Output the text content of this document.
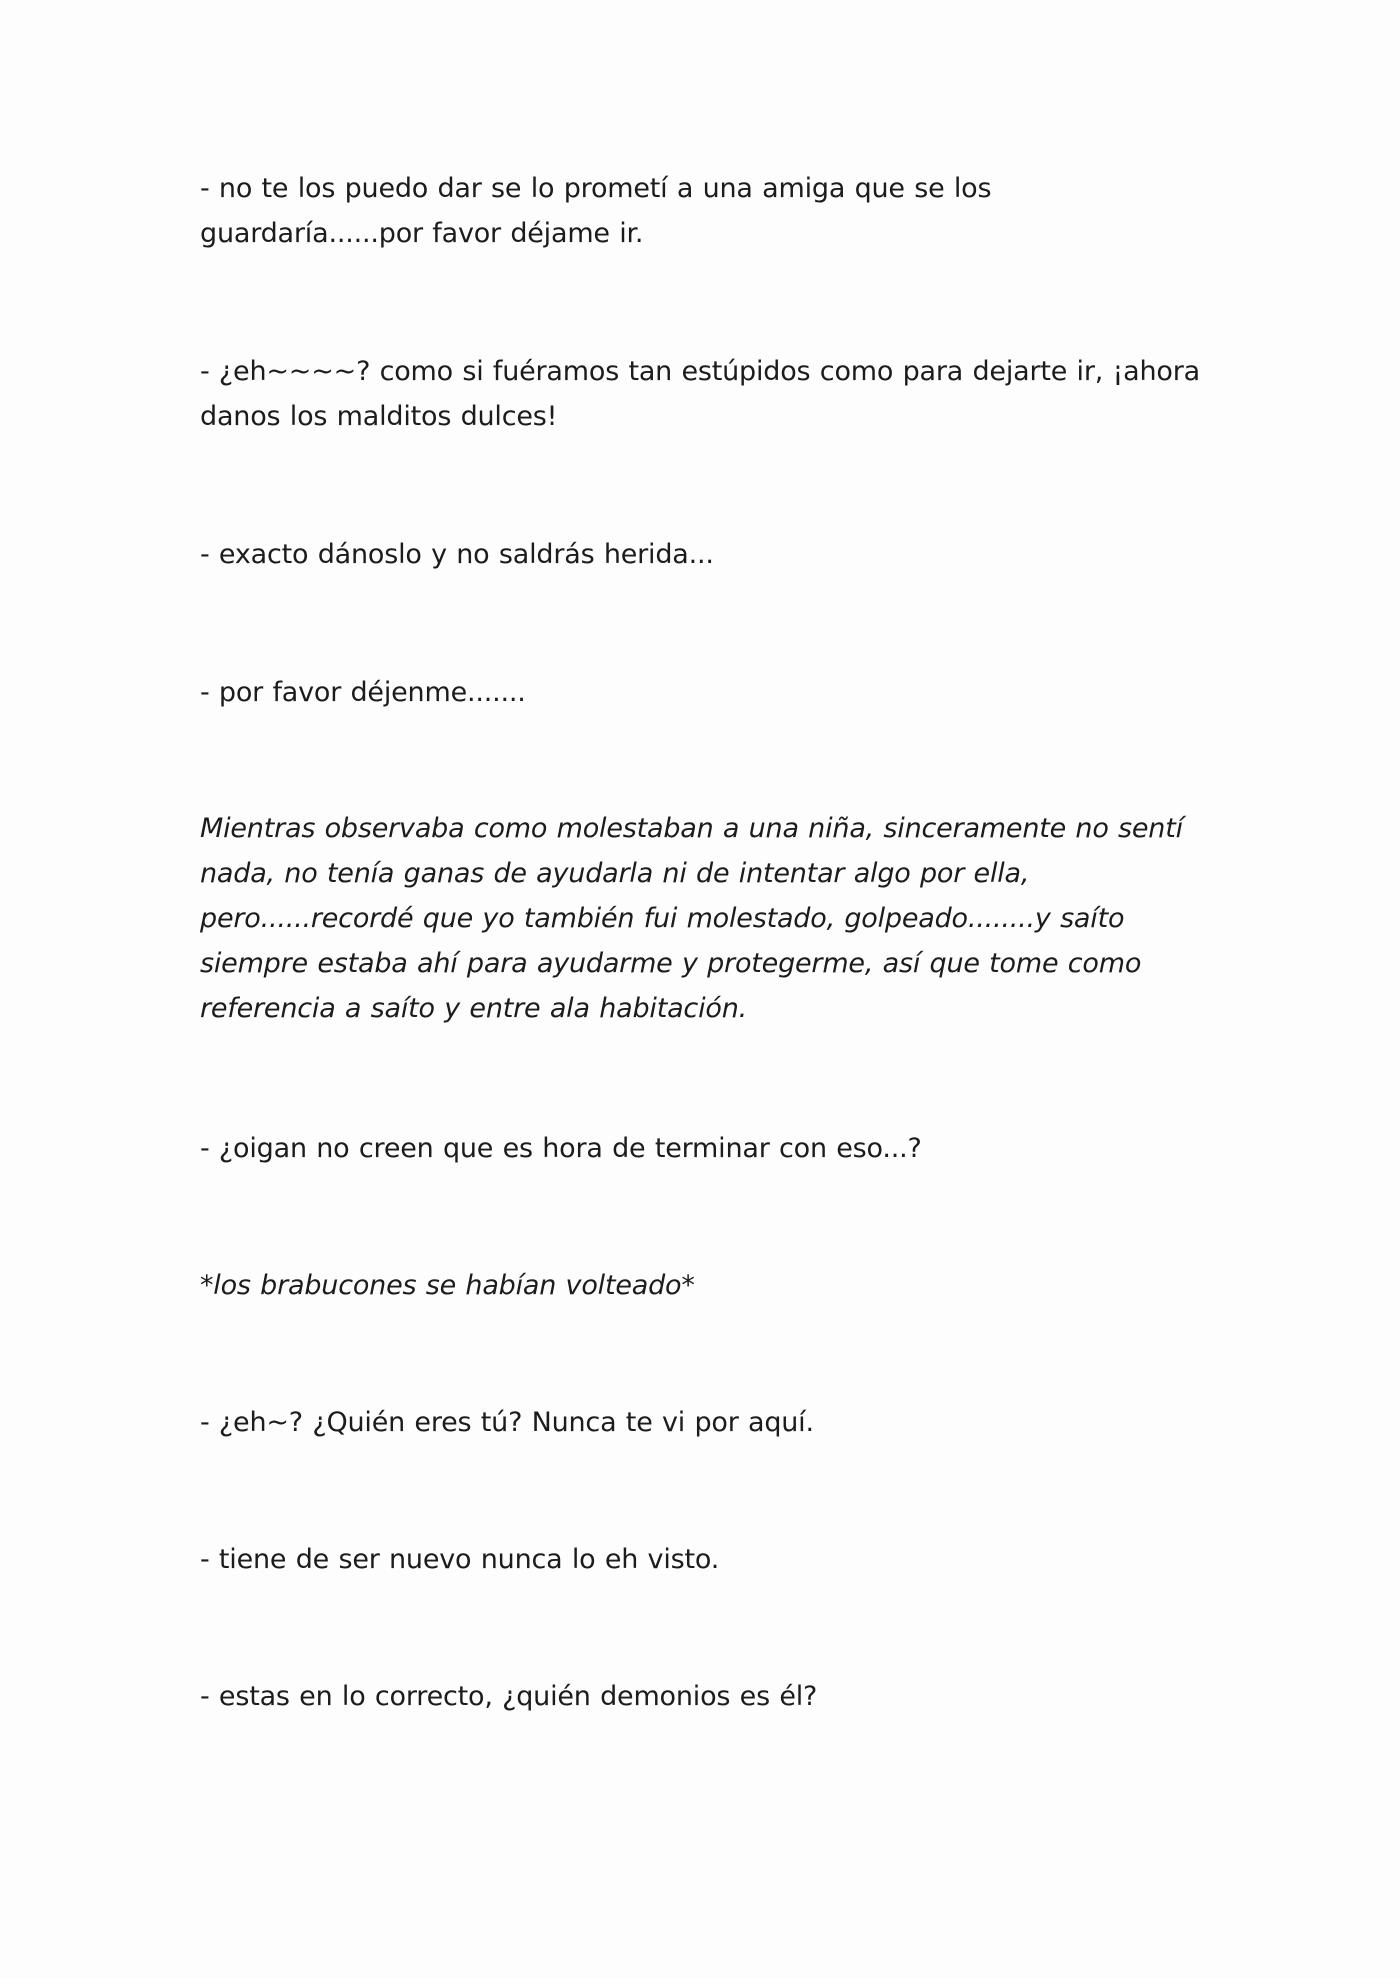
- no te los puedo dar se lo prometí a una amiga que se los guardaría......por favor déjame ir.

- ¿eh~~~~? como si fuéramos tan estúpidos como para dejarte ir, ¡ahora danos los malditos dulces!

- exacto dánoslo y no saldrás herida...

- por favor déjenme.......

Mientras observaba como molestaban a una niña, sinceramente no sentí nada, no tenía ganas de ayudarla ni de intentar algo por ella, pero......recordé que yo también fui molestado, golpeado........y saíto siempre estaba ahí para ayudarme y protegerme, así que tome como referencia a saíto y entre ala habitación.

- ¿oigan no creen que es hora de terminar con eso...?

*los brabucones se habían volteado*

- ¿eh~? ¿Quién eres tú? Nunca te vi por aquí.

- tiene de ser nuevo nunca lo eh visto.

- estas en lo correcto, ¿quién demonios es él?
